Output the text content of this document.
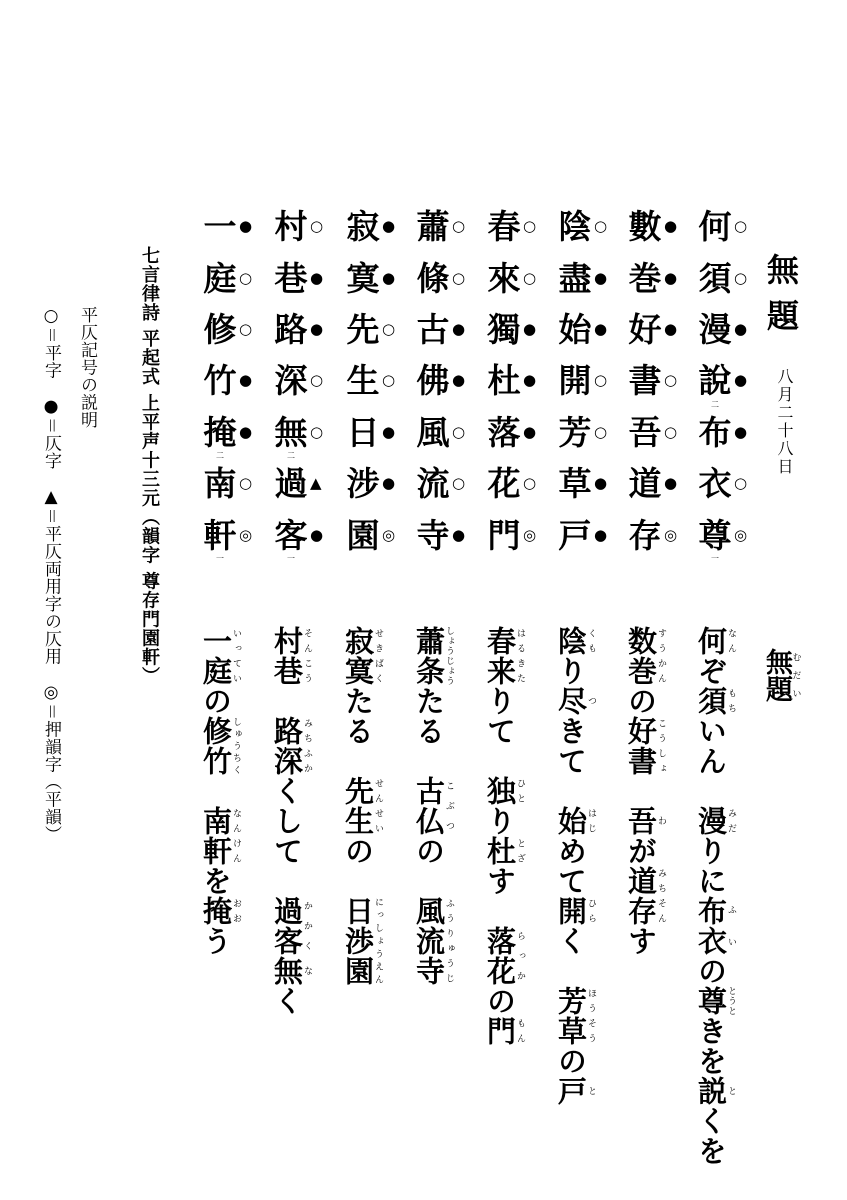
無題
八月二十八日
何 ○
須 ○
漫 ●
說 ●
二
布 ●
衣 ○
尊 ◎
一
數 ●
巻 ●
好 ●
書 ○
吾 ○
道 ●
存 ◎
陰 ○
盡 ●
始 ●
開 ○
芳 ○
草 ●
戸 ●
春 ○
來 ○
獨 ●
杜 ●
落 ●
花 ○
門 ◎
蕭 ○
條 ○
古 ●
佛 ●
風 ○
流 ○
寺 ●
寂 ●
寞 ●
先 ○
生 ○
日 ●
涉 ●
園 ◎
村 ○
巷 ●
路 ●
深 ○
無 ○
二
過 ▲
客 ●
一
一 ●
庭 ○
修 ○
竹 ●
掩 ●
二
南 ○
軒 ◎
一
七言律詩 平起式 上平声十三元（韻字 尊存門園軒）
平仄記号の説明
○＝平字　●＝仄字　▲＝平仄両用字の仄用　◎＝押韻字（平韻）	無題むだい
何なんぞ須もちいん　漫みだりに布衣ふいの尊とうときを説とくを
数巻すうかんの好書こうしょ　吾わが道みち存そんす
陰くもり尽つきて　始はじめて開ひらく　芳草ほうそうの戸と
春来はるきたりて　独ひとり杜とざす　落花らっかの門もん
蕭条しょうじょうたる　古仏こぶつの　風流寺ふうりゅうじ
寂寞せきばくたる　先生せんせいの　日渉園にっしょうえん
村巷そんこう　路深みちふかくして　過客かかく無なく
一庭いっていの修竹しゅうちく　南軒なんけんを掩おおう
